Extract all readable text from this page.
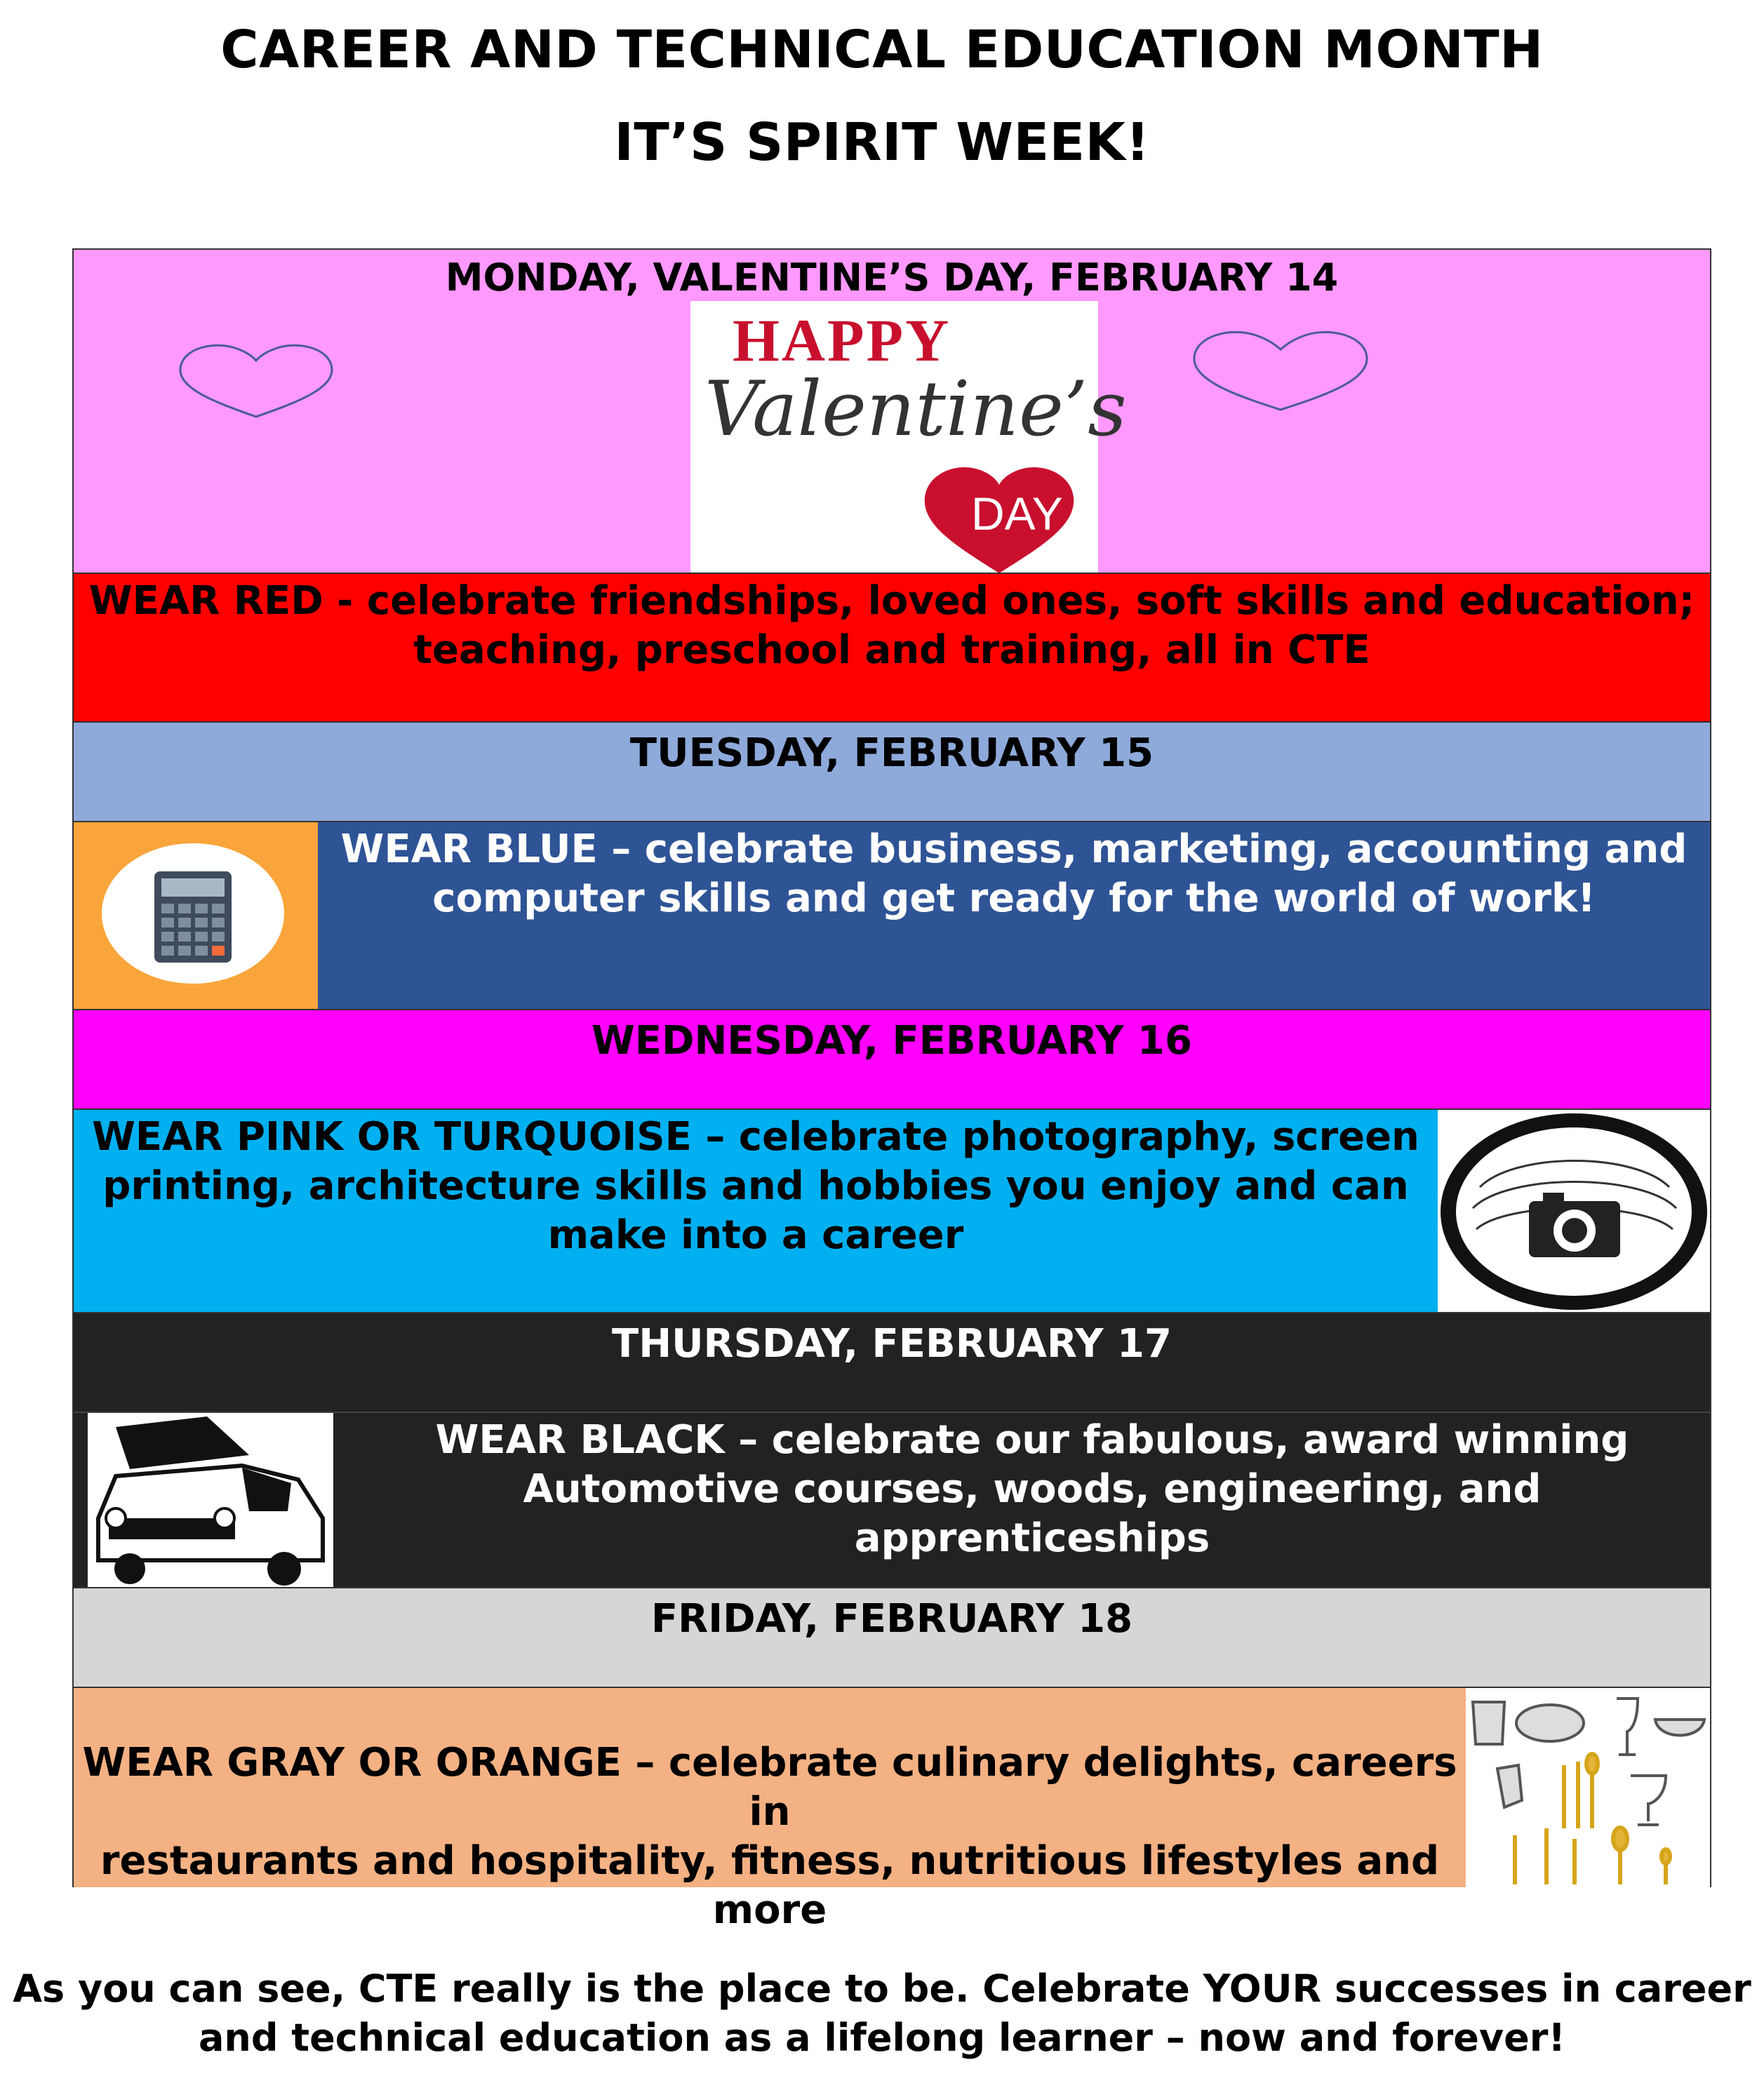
CAREER AND TECHNICAL EDUCATION MONTH
IT’S SPIRIT WEEK!
MONDAY, VALENTINE’S DAY, FEBRUARY 14
HAPPY
Valentine’s
DAY
WEAR RED - celebrate friendships, loved ones, soft skills and education;
teaching, preschool and training, all in CTE
TUESDAY, FEBRUARY 15
WEAR BLUE – celebrate business, marketing, accounting and
computer skills and get ready for the world of work!
WEDNESDAY, FEBRUARY 16
WEAR PINK OR TURQUOISE – celebrate photography, screen
printing, architecture skills and hobbies you enjoy and can
make into a career
THURSDAY, FEBRUARY 17
WEAR BLACK – celebrate our fabulous, award winning
Automotive courses, woods, engineering, and apprenticeships
FRIDAY, FEBRUARY 18
WEAR GRAY OR ORANGE – celebrate culinary delights, careers in
restaurants and hospitality, fitness, nutritious lifestyles and more
As you can see, CTE really is the place to be. Celebrate YOUR successes in career
and technical education as a lifelong learner – now and forever!
